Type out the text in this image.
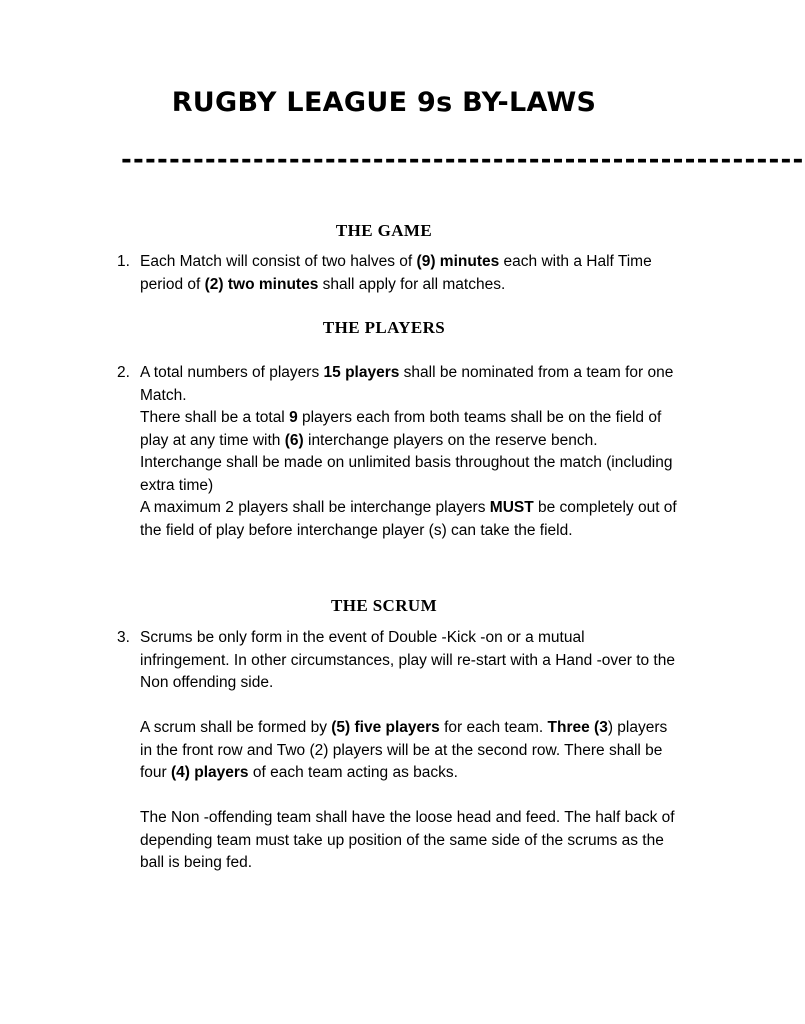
RUGBY LEAGUE 9s BY-LAWS
---------------------------------------------------------
THE GAME
1. Each Match will consist of two halves of (9) minutes each with a Half Time period of (2) two minutes shall apply for all matches.

THE PLAYERS
2. A total numbers of players 15 players shall be nominated from a team for one Match.

There shall be a total 9 players each from both teams shall be on the field of play at any time with (6) interchange players on the reserve bench.

Interchange shall be made on unlimited basis throughout the match (including extra time)

A maximum 2 players shall be interchange players MUST be completely out of the field of play before interchange player (s) can take the field.

THE SCRUM
3. Scrums be only form in the event of Double -Kick -on or a mutual infringement. In other circumstances, play will re-start with a Hand -over to the Non offending side.

A scrum shall be formed by (5) five players for each team. Three (3) players in the front row and Two (2) players will be at the second row. There shall be four (4) players of each team acting as backs.

The Non -offending team shall have the loose head and feed. The half back of depending team must take up position of the same side of the scrums as the ball is being fed.
